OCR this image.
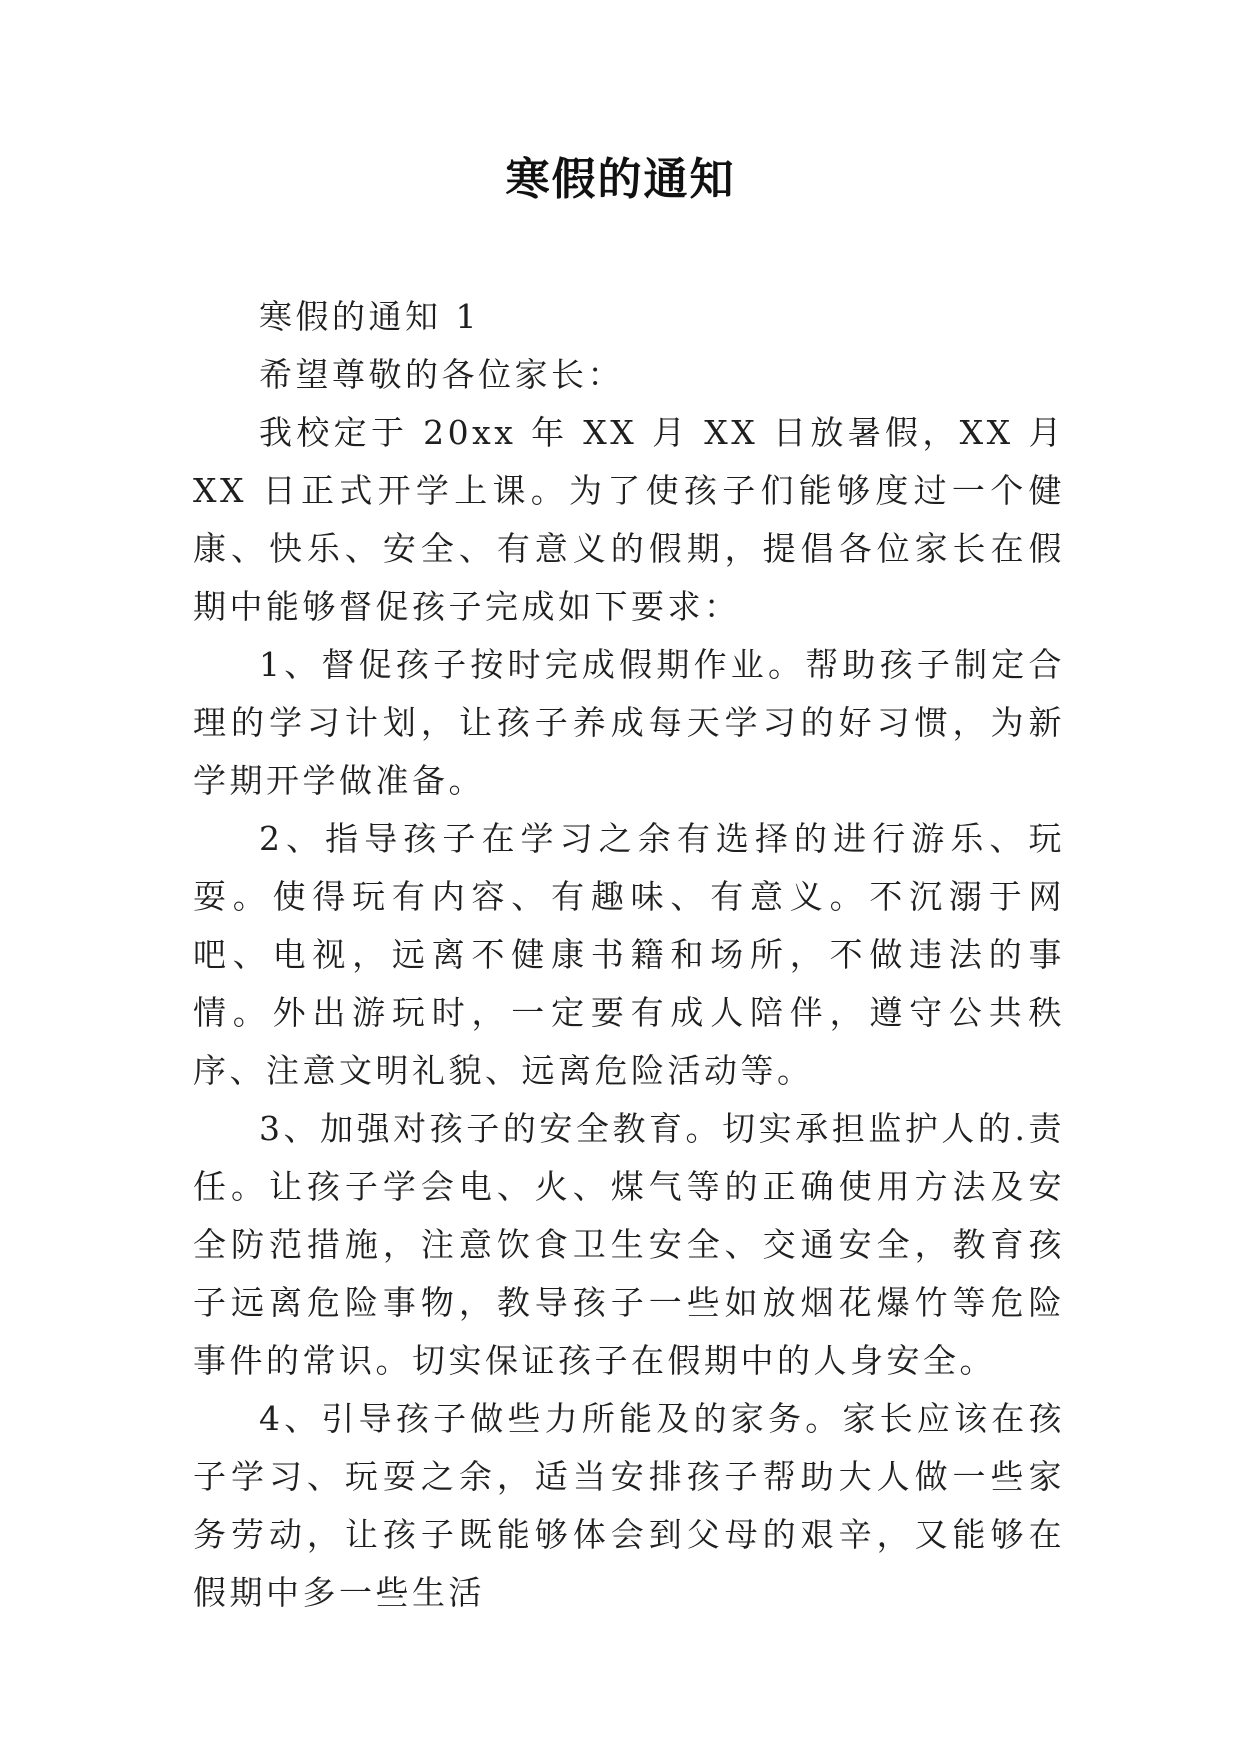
寒假的通知

寒假的通知 1

希望尊敬的各位家长：

我校定于 20xx 年 XX 月 XX 日放暑假，XX 月 XX 日正式开学上课。为了使孩子们能够度过一个健康、快乐、安全、有意义的假期，提倡各位家长在假期中能够督促孩子完成如下要求：

1、督促孩子按时完成假期作业。帮助孩子制定合理的学习计划，让孩子养成每天学习的好习惯，为新学期开学做准备。

2、指导孩子在学习之余有选择的进行游乐、玩耍。使得玩有内容、有趣味、有意义。不沉溺于网吧、电视，远离不健康书籍和场所，不做违法的事情。外出游玩时，一定要有成人陪伴，遵守公共秩序、注意文明礼貌、远离危险活动等。

3、加强对孩子的安全教育。切实承担监护人的.责任。让孩子学会电、火、煤气等的正确使用方法及安全防范措施，注意饮食卫生安全、交通安全，教育孩子远离危险事物，教导孩子一些如放烟花爆竹等危险事件的常识。切实保证孩子在假期中的人身安全。

4、引导孩子做些力所能及的家务。家长应该在孩子学习、玩耍之余，适当安排孩子帮助大人做一些家务劳动，让孩子既能够体会到父母的艰辛，又能够在假期中多一些生活
